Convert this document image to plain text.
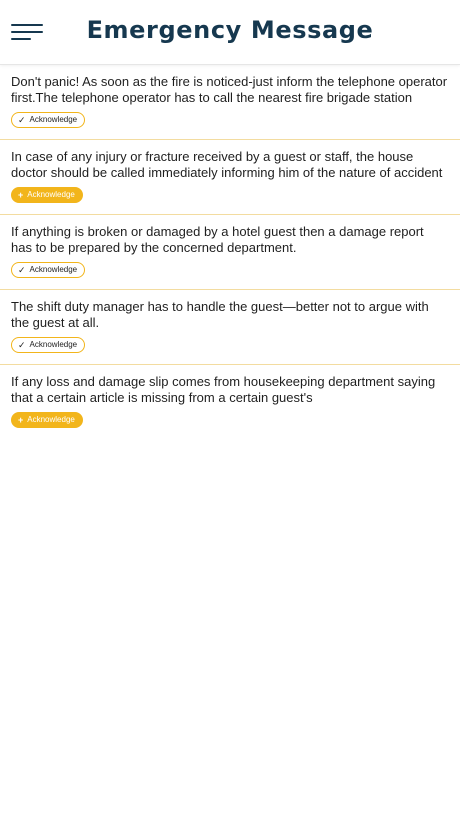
Emergency Message

Don't panic! As soon as the fire is noticed-just inform the telephone operator first.The telephone operator has to call the nearest fire brigade station

✓ Acknowledge

In case of any injury or fracture received by a guest or staff, the house doctor should be called immediately informing him of the nature of accident

+ Acknowledge

If anything is broken or damaged by a hotel guest then a damage report has to be prepared by the concerned department.

✓ Acknowledge

The shift duty manager has to handle the guest—better not to argue with the guest at all.

✓ Acknowledge

If any loss and damage slip comes from housekeeping department saying that a certain article is missing from a certain guest's

+ Acknowledge
